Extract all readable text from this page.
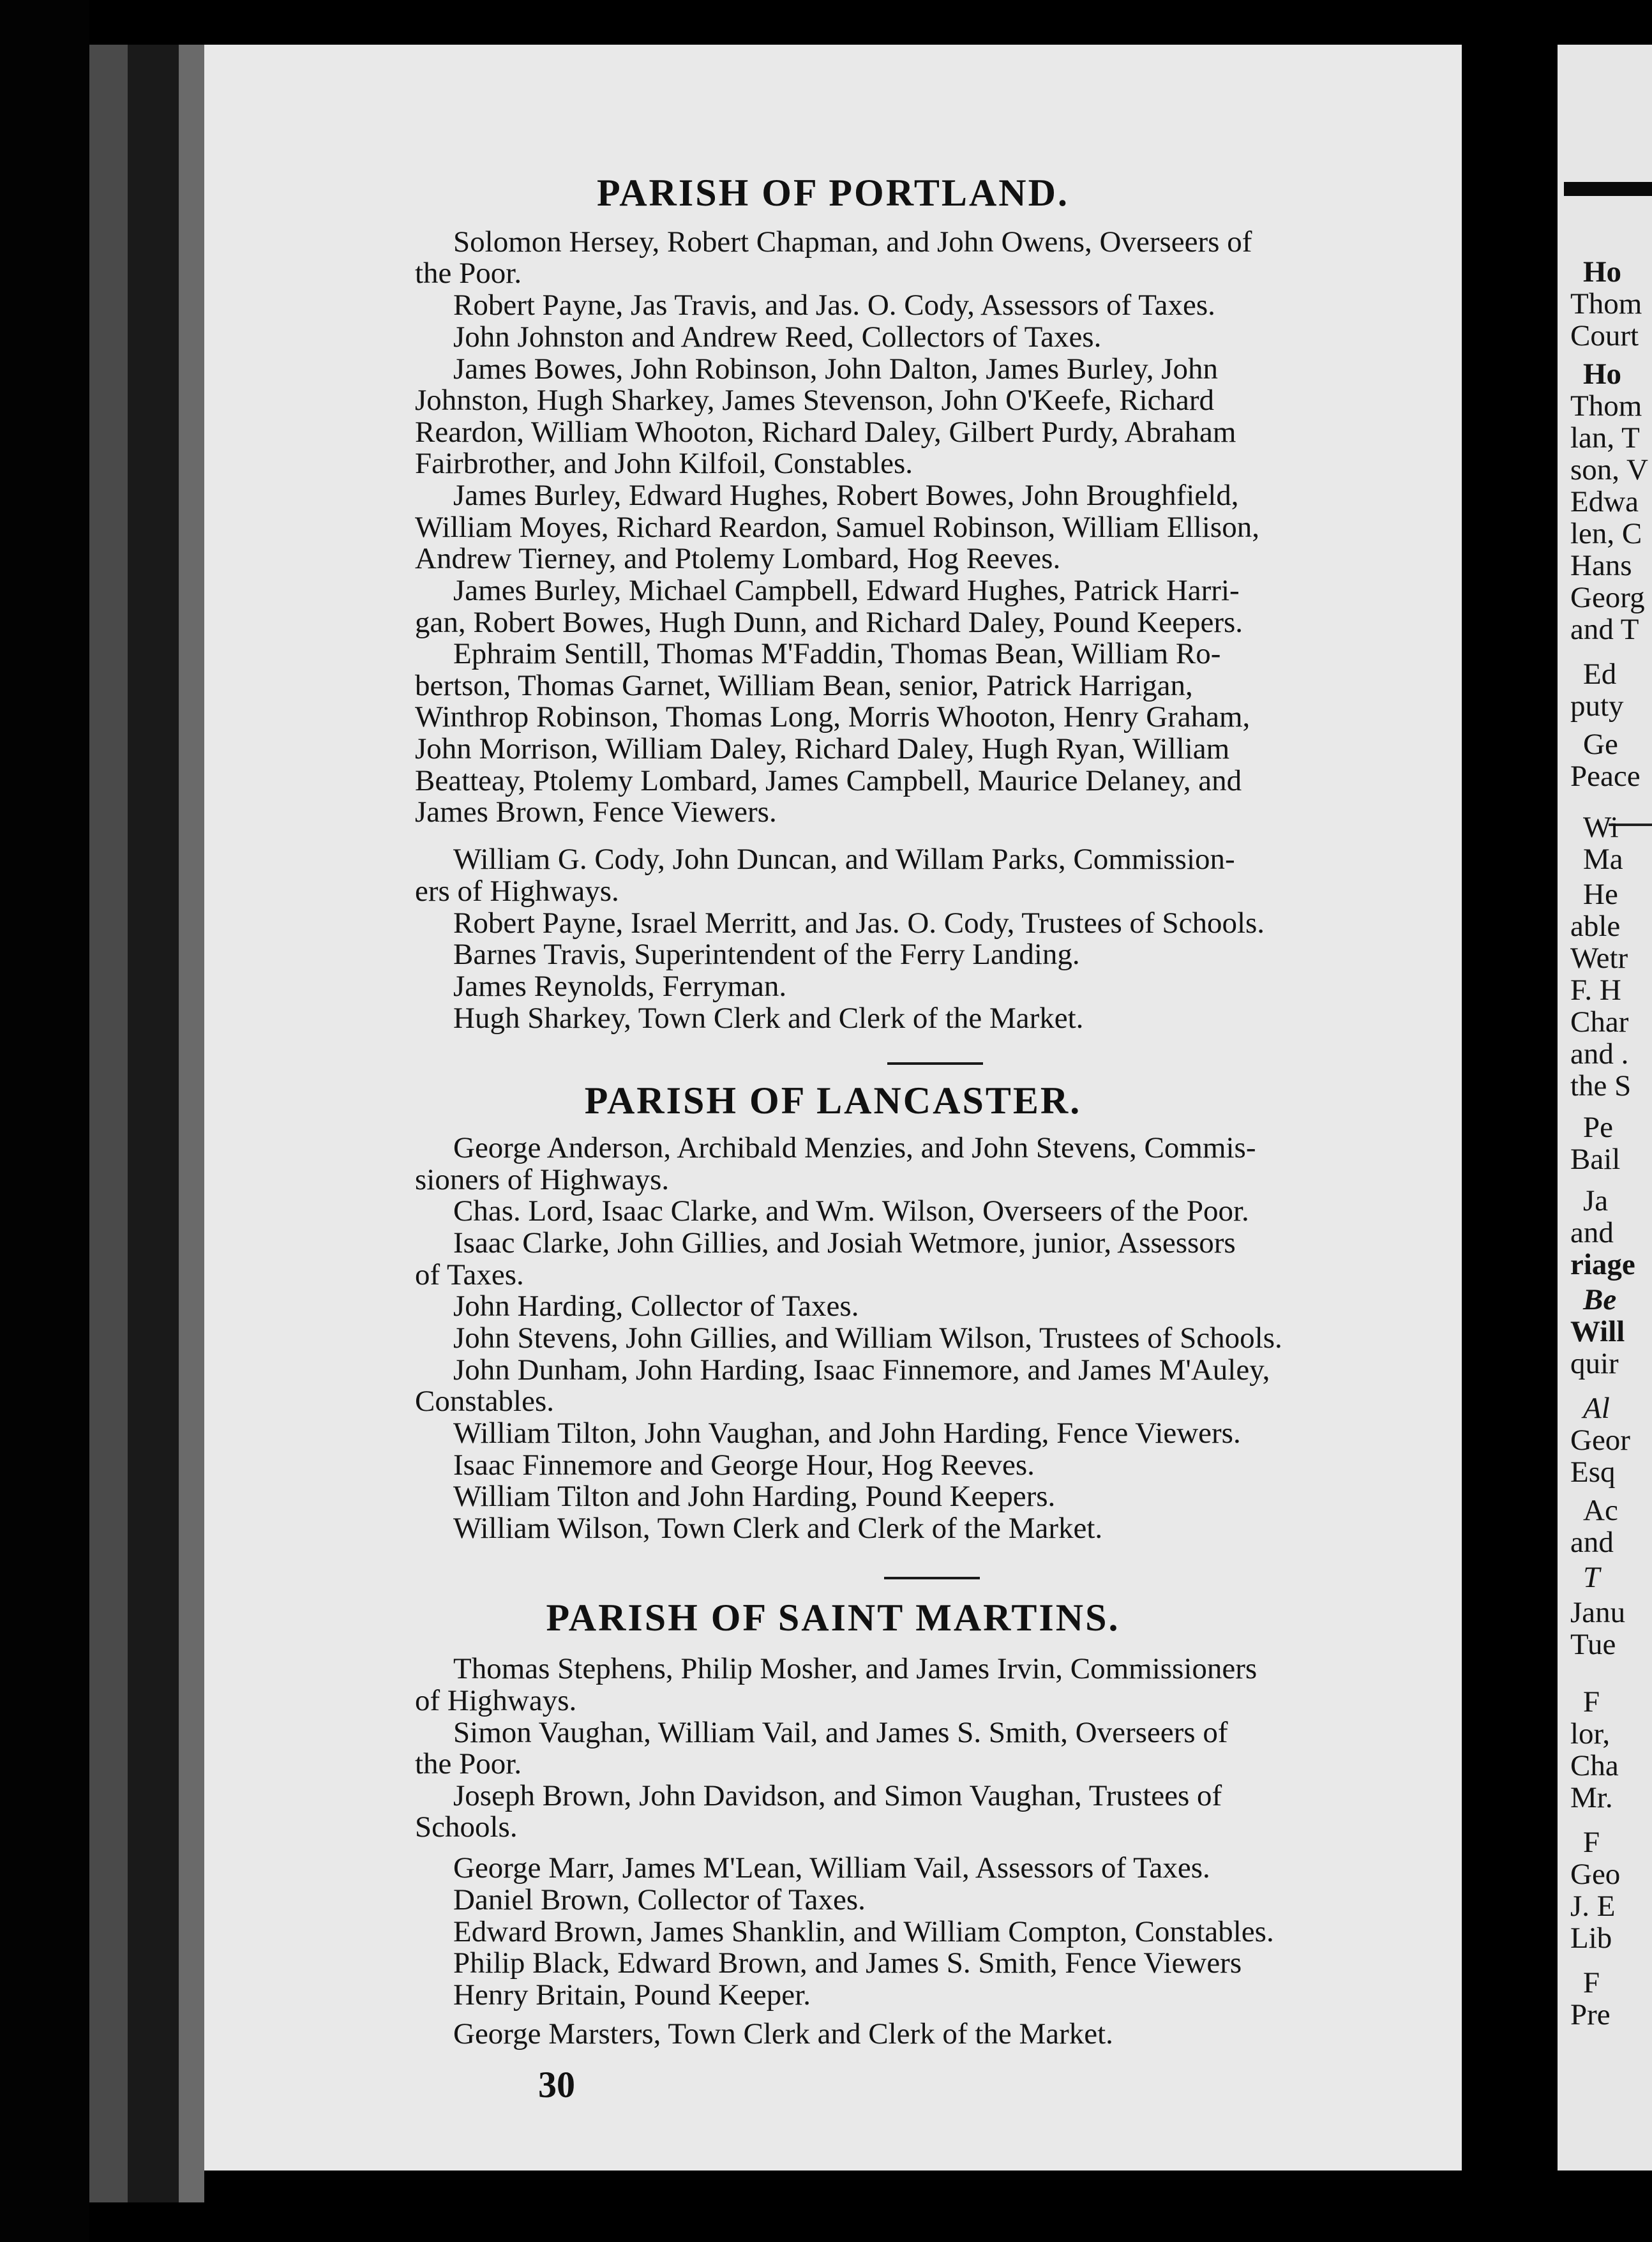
PARISH OF PORTLAND.
Solomon Hersey, Robert Chapman, and John Owens, Overseers of
the Poor.
Robert Payne, Jas Travis, and Jas. O. Cody, Assessors of Taxes.
John Johnston and Andrew Reed, Collectors of Taxes.
James Bowes, John Robinson, John Dalton, James Burley, John
Johnston, Hugh Sharkey, James Stevenson, John O'Keefe, Richard
Reardon, William Whooton, Richard Daley, Gilbert Purdy, Abraham
Fairbrother, and John Kilfoil, Constables.
James Burley, Edward Hughes, Robert Bowes, John Broughfield,
William Moyes, Richard Reardon, Samuel Robinson, William Ellison,
Andrew Tierney, and Ptolemy Lombard, Hog Reeves.
James Burley, Michael Campbell, Edward Hughes, Patrick Harri-
gan, Robert Bowes, Hugh Dunn, and Richard Daley, Pound Keepers.
Ephraim Sentill, Thomas M'Faddin, Thomas Bean, William Ro-
bertson, Thomas Garnet, William Bean, senior, Patrick Harrigan,
Winthrop Robinson, Thomas Long, Morris Whooton, Henry Graham,
John Morrison, William Daley, Richard Daley, Hugh Ryan, William
Beatteay, Ptolemy Lombard, James Campbell, Maurice Delaney, and
James Brown, Fence Viewers.
William G. Cody, John Duncan, and Willam Parks, Commission-
ers of Highways.
Robert Payne, Israel Merritt, and Jas. O. Cody, Trustees of Schools.
Barnes Travis, Superintendent of the Ferry Landing.
James Reynolds, Ferryman.
Hugh Sharkey, Town Clerk and Clerk of the Market.
PARISH OF LANCASTER.
George Anderson, Archibald Menzies, and John Stevens, Commis-
sioners of Highways.
Chas. Lord, Isaac Clarke, and Wm. Wilson, Overseers of the Poor.
Isaac Clarke, John Gillies, and Josiah Wetmore, junior, Assessors
of Taxes.
John Harding, Collector of Taxes.
John Stevens, John Gillies, and William Wilson, Trustees of Schools.
John Dunham, John Harding, Isaac Finnemore, and James M'Auley,
Constables.
William Tilton, John Vaughan, and John Harding, Fence Viewers.
Isaac Finnemore and George Hour, Hog Reeves.
William Tilton and John Harding, Pound Keepers.
William Wilson, Town Clerk and Clerk of the Market.
PARISH OF SAINT MARTINS.
Thomas Stephens, Philip Mosher, and James Irvin, Commissioners
of Highways.
Simon Vaughan, William Vail, and James S. Smith, Overseers of
the Poor.
Joseph Brown, John Davidson, and Simon Vaughan, Trustees of
Schools.
George Marr, James M'Lean, William Vail, Assessors of Taxes.
Daniel Brown, Collector of Taxes.
Edward Brown, James Shanklin, and William Compton, Constables.
Philip Black, Edward Brown, and James S. Smith, Fence Viewers
Henry Britain, Pound Keeper.
George Marsters, Town Clerk and Clerk of the Market.
30
Ho
Thom
Court
Ho
Thom
lan, T
son, V
Edwa
len, C
Hans
Georg
and T
Ed
puty
Ge
Peace
Wi
Ma
He
able
Wetr
F. H
Char
and .
the S
Pe
Bail
Ja
and
riage
Be
Will
quir
Al
Geor
Esq
Ac
and
T
Janu
Tue
F
lor,
Cha
Mr.
F
Geo
J. E
Lib
F
Pre
